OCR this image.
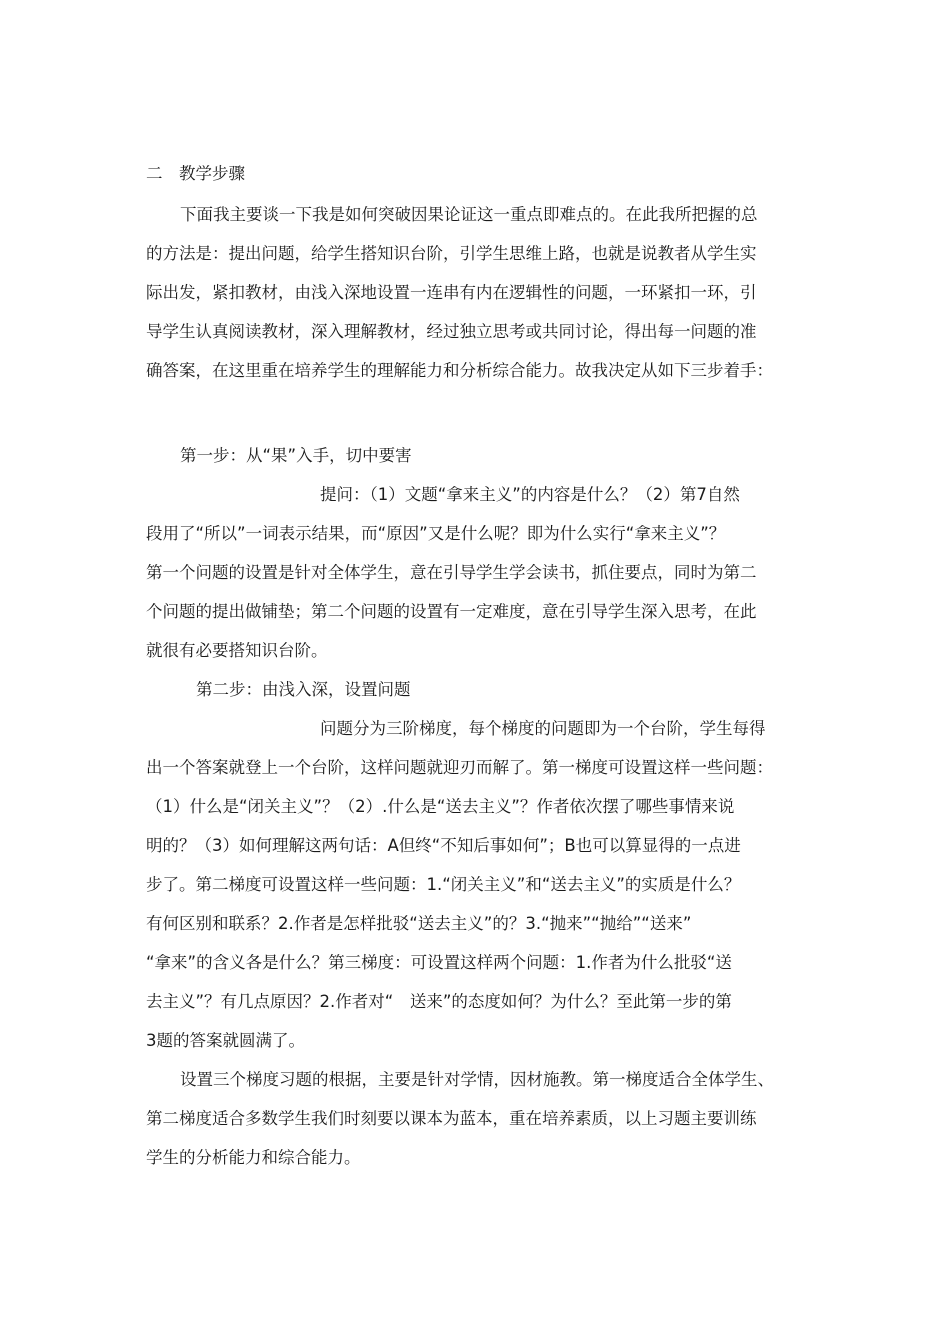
二　教学步骤

下面我主要谈一下我是如何突破因果论证这一重点即难点的。在此我所把握的总

的方法是：提出问题，给学生搭知识台阶，引学生思维上路，也就是说教者从学生实

际出发，紧扣教材，由浅入深地设置一连串有内在逻辑性的问题，一环紧扣一环，引

导学生认真阅读教材，深入理解教材，经过独立思考或共同讨论，得出每一问题的准

确答案，在这里重在培养学生的理解能力和分析综合能力。故我决定从如下三步着手：

第一步：从“果”入手，切中要害

提问：（1）文题“拿来主义”的内容是什么？（2）第7自然

段用了“所以”一词表示结果，而“原因”又是什么呢？即为什么实行“拿来主义”？

第一个问题的设置是针对全体学生，意在引导学生学会读书，抓住要点，同时为第二

个问题的提出做铺垫；第二个问题的设置有一定难度，意在引导学生深入思考，在此

就很有必要搭知识台阶。

第二步：由浅入深，设置问题

问题分为三阶梯度，每个梯度的问题即为一个台阶，学生每得

出一个答案就登上一个台阶，这样问题就迎刃而解了。第一梯度可设置这样一些问题：

（1）什么是“闭关主义”？（2）.什么是“送去主义”？作者依次摆了哪些事情来说

明的？（3）如何理解这两句话：A但终“不知后事如何”；B也可以算显得的一点进

步了。第二梯度可设置这样一些问题：1.“闭关主义”和“送去主义”的实质是什么？

有何区别和联系？2.作者是怎样批驳“送去主义”的？3.“抛来”“抛给”“送来”

“拿来”的含义各是什么？第三梯度：可设置这样两个问题：1.作者为什么批驳“送

去主义”？有几点原因？2.作者对“　送来”的态度如何？为什么？至此第一步的第

3题的答案就圆满了。

设置三个梯度习题的根据，主要是针对学情，因材施教。第一梯度适合全体学生、

第二梯度适合多数学生我们时刻要以课本为蓝本，重在培养素质，以上习题主要训练

学生的分析能力和综合能力。
